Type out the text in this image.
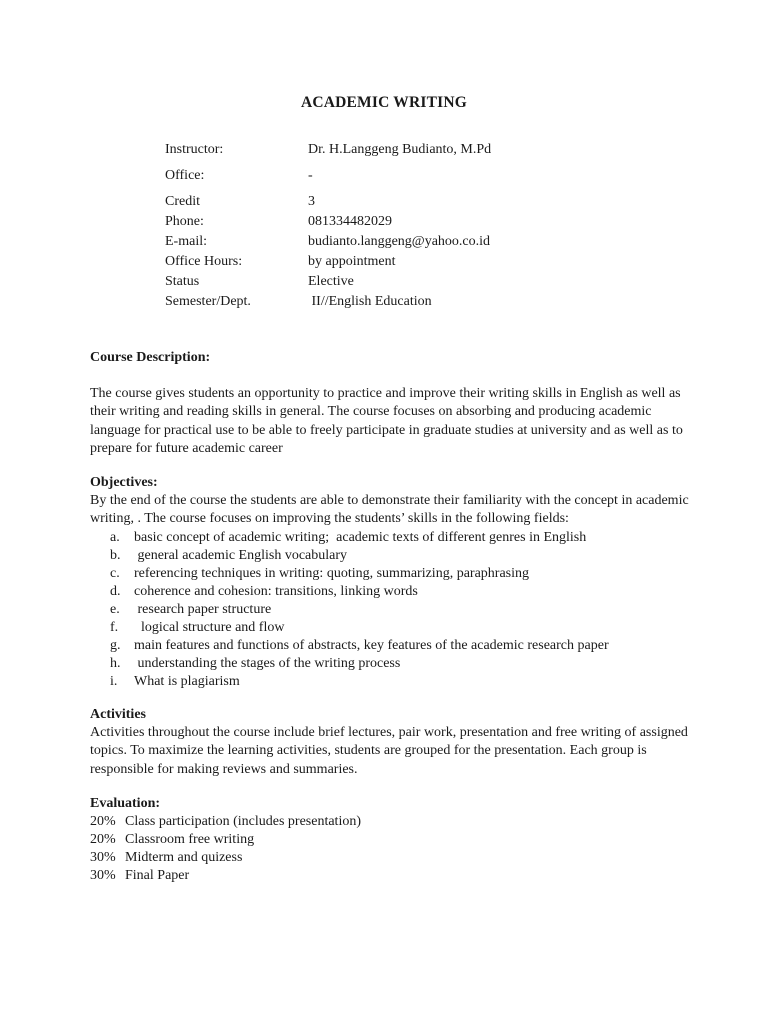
ACADEMIC WRITING
Instructor:	Dr. H.Langgeng Budianto, M.Pd
Office:	-
Credit	3
Phone:	081334482029
E-mail:	budianto.langgeng@yahoo.co.id
Office Hours:	by appointment
Status	Elective
Semester/Dept.	II//English Education
Course Description:

The course gives students an opportunity to practice and improve their writing skills in English as well as their writing and reading skills in general. The course focuses on absorbing and producing academic language for practical use to be able to freely participate in graduate studies at university and as well as to prepare for future academic career

Objectives:

By the end of the course the students are able to demonstrate their familiarity with the concept in academic writing, . The course focuses on improving the students’ skills in the following fields:

a. basic concept of academic writing;  academic texts of different genres in English
b. general academic English vocabulary
c. referencing techniques in writing: quoting, summarizing, paraphrasing
d. coherence and cohesion: transitions, linking words
e. research paper structure
f. logical structure and flow
g. main features and functions of abstracts, key features of the academic research paper
h. understanding the stages of the writing process
i. What is plagiarism
Activities

Activities throughout the course include brief lectures, pair work, presentation and free writing of assigned topics. To maximize the learning activities, students are grouped for the presentation. Each group is responsible for making reviews and summaries.

Evaluation:
20% Class participation (includes presentation)
20% Classroom free writing
30% Midterm and quizess
30% Final Paper
